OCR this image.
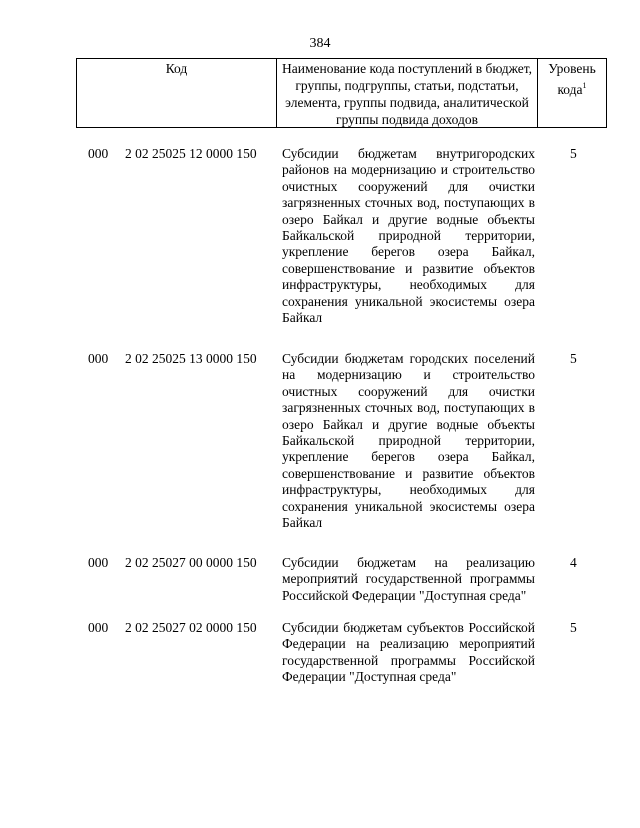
384
Код	Наименование кода поступлений в бюджет, группы, подгруппы, статьи, подстатьи, элемента, группы подвида, аналитической группы подвида доходов
Уровень кода$^1$
000 2 02 25025 12 0000 150 Субсидии бюджетам внутригородских районов на модернизацию и строительство очистных сооружений для очистки загрязненных сточных вод, поступающих в озеро Байкал и другие водные объекты Байкальской природной территории, укрепление берегов озера Байкал, совершенствование и развитие объектов инфраструктуры, необходимых для сохранения уникальной экосистемы озера Байкал
5
000 2 02 25025 13 0000 150 Субсидии бюджетам городских поселений на модернизацию и строительство очистных сооружений для очистки загрязненных сточных вод, поступающих в озеро Байкал и другие водные объекты Байкальской природной территории, укрепление берегов озера Байкал, совершенствование и развитие объектов инфраструктуры, необходимых для сохранения уникальной экосистемы озера Байкал
5
000 2 02 25027 00 0000 150 Субсидии бюджетам на реализацию мероприятий государственной программы Российской Федерации "Доступная среда"
4
000 2 02 25027 02 0000 150 Субсидии бюджетам субъектов Российской Федерации на реализацию мероприятий государственной программы Российской Федерации "Доступная среда"
5
